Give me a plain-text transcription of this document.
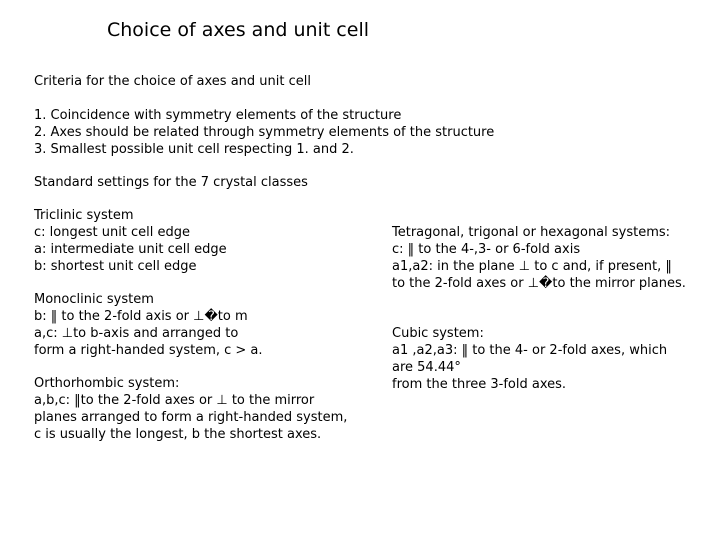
Choice of axes and unit cell
Criteria for the choice of axes and unit cell
1. Coincidence with symmetry elements of the structure
2. Axes should be related through symmetry elements of the structure
3. Smallest possible unit cell respecting 1. and 2.
Standard settings for the 7 crystal classes
Triclinic system
c: longest unit cell edge
a: intermediate unit cell edge
b: shortest unit cell edge
Monoclinic system
b: ‖ to the 2-fold axis or ⊥�to m
a,c: ⊥to b-axis and arranged to
form a right-handed system, c > a.
Orthorhombic system:
a,b,c: ‖to the 2-fold axes or ⊥ to the mirror
planes arranged to form a right-handed system,
c is usually the longest, b the shortest axes.
Tetragonal, trigonal or hexagonal systems:
c: ‖ to the 4-,3- or 6-fold axis
a1,a2: in the plane ⊥ to c and, if present, ‖
to the 2-fold axes or ⊥�to the mirror planes.
Cubic system:
a1 ,a2,a3: ‖ to the 4- or 2-fold axes, which
are 54.44°
from the three 3-fold axes.
